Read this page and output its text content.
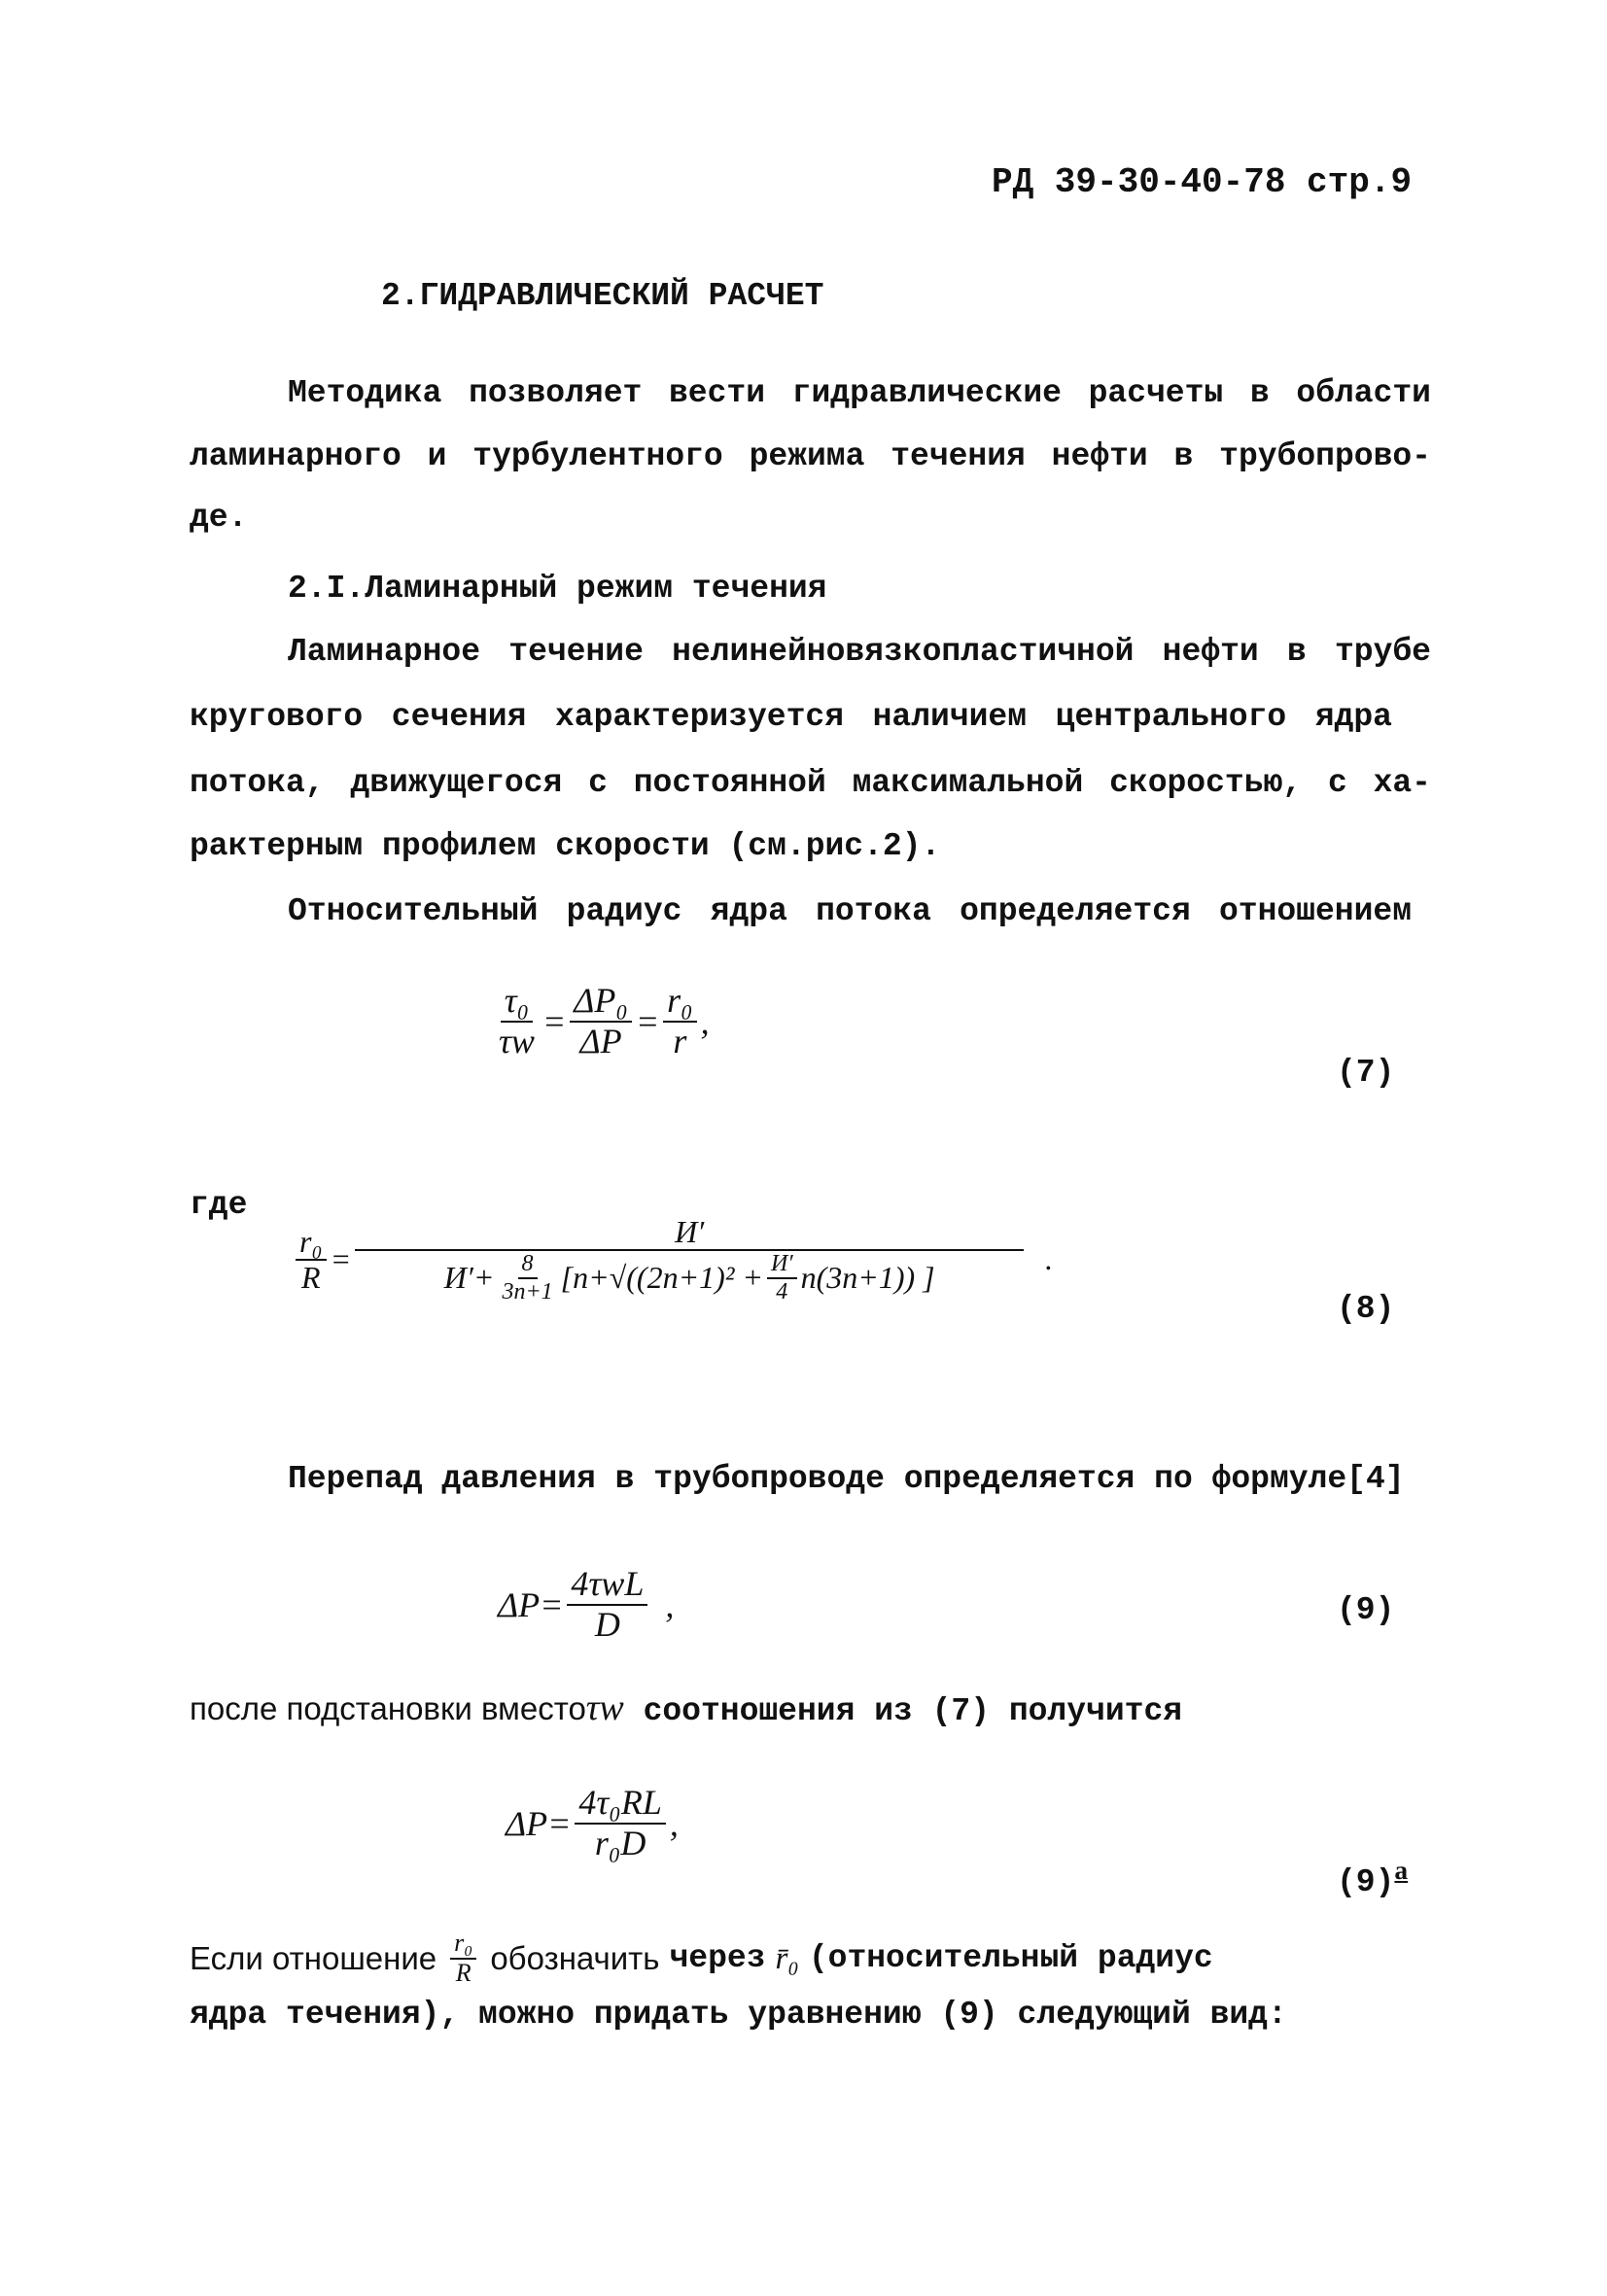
РД 39-30-40-78 стр.9
2.ГИДРАВЛИЧЕСКИЙ РАСЧЕТ
Методика позволяет вести гидравлические расчеты в области
ламинарного и турбулентного режима течения нефти в трубопрово-
де.
2.I.Ламинарный режим течения
Ламинарное течение нелинейновязкопластичной нефти в трубе
кругового сечения характеризуется наличием центрального ядра
потока, движущегося с постоянной максимальной скоростью, с ха-
рактерным профилем скорости (см.рис.2).
Относительный радиус ядра потока определяется отношением
$\frac{\text{τ₀}}{\tau w} = \frac{\text{ΔP₀}}{\Delta P} = \frac{\text{r₀}}{r}$ ,
(7)
где
$\frac{\text{r₀}}{R}$ =
И′
$И'+ \frac{8}{3n+1} [n+√((2n+1)^2 + И'$
4 n(3n+1)) ]
.
(8)
Перепад давления в трубопроводе определяется по формуле[4]
ΔP=
4τwL
D ,	(9)
после подстановки вместоτw соотношения из (7) получится
$\Delta P= \frac{\text{4τ₀RL}}{\text{r₀D}}$ ,
$(9)^a$
Если отношение $\frac{\text{r₀}}{R}$ обозначить через r̄₀ (относительный радиус
ядра течения), можно придать уравнению (9) следующий вид:
